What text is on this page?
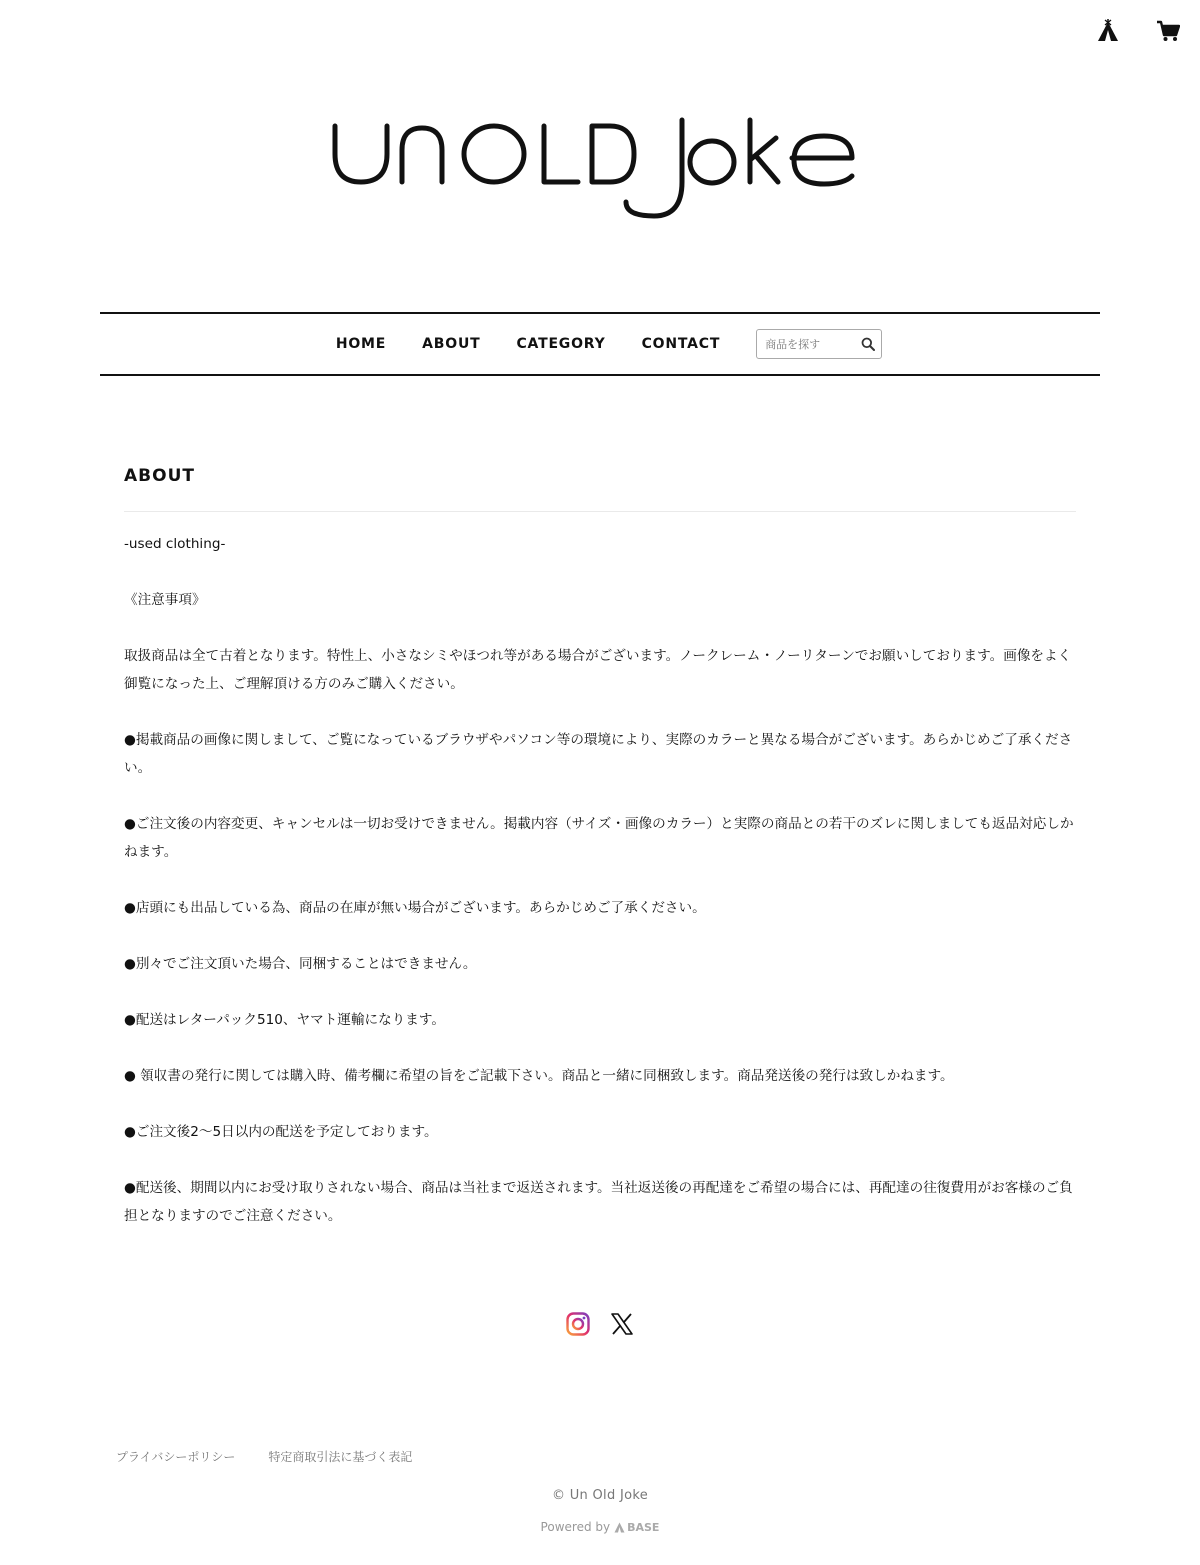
HOME	ABOUT	CATEGORY	CONTACT
商品を探す
ABOUT

-used clothing-

《注意事項》

取扱商品は全て古着となります。特性上、小さなシミやほつれ等がある場合がございます。ノークレーム・ノーリターンでお願いしております。画像をよく御覧になった上、ご理解頂ける方のみご購入ください。

●掲載商品の画像に関しまして、ご覧になっているブラウザやパソコン等の環境により、実際のカラーと異なる場合がございます。あらかじめご了承ください。

●ご注文後の内容変更、キャンセルは一切お受けできません。掲載内容（サイズ・画像のカラー）と実際の商品との若干のズレに関しましても返品対応しかねます。

●店頭にも出品している為、商品の在庫が無い場合がございます。あらかじめご了承ください。

●別々でご注文頂いた場合、同梱することはできません。

●配送はレターパック510、ヤマト運輸になります。

● 領収書の発行に関しては購入時、備考欄に希望の旨をご記載下さい。商品と一緒に同梱致します。商品発送後の発行は致しかねます。

●ご注文後2〜5日以内の配送を予定しております。

●配送後、期間以内にお受け取りされない場合、商品は当社まで返送されます。当社返送後の再配達をご希望の場合には、再配達の往復費用がお客様のご負担となりますのでご注意ください。

プライバシーポリシー	特定商取引法に基づく表記
© Un Old Joke
Powered by BASE
